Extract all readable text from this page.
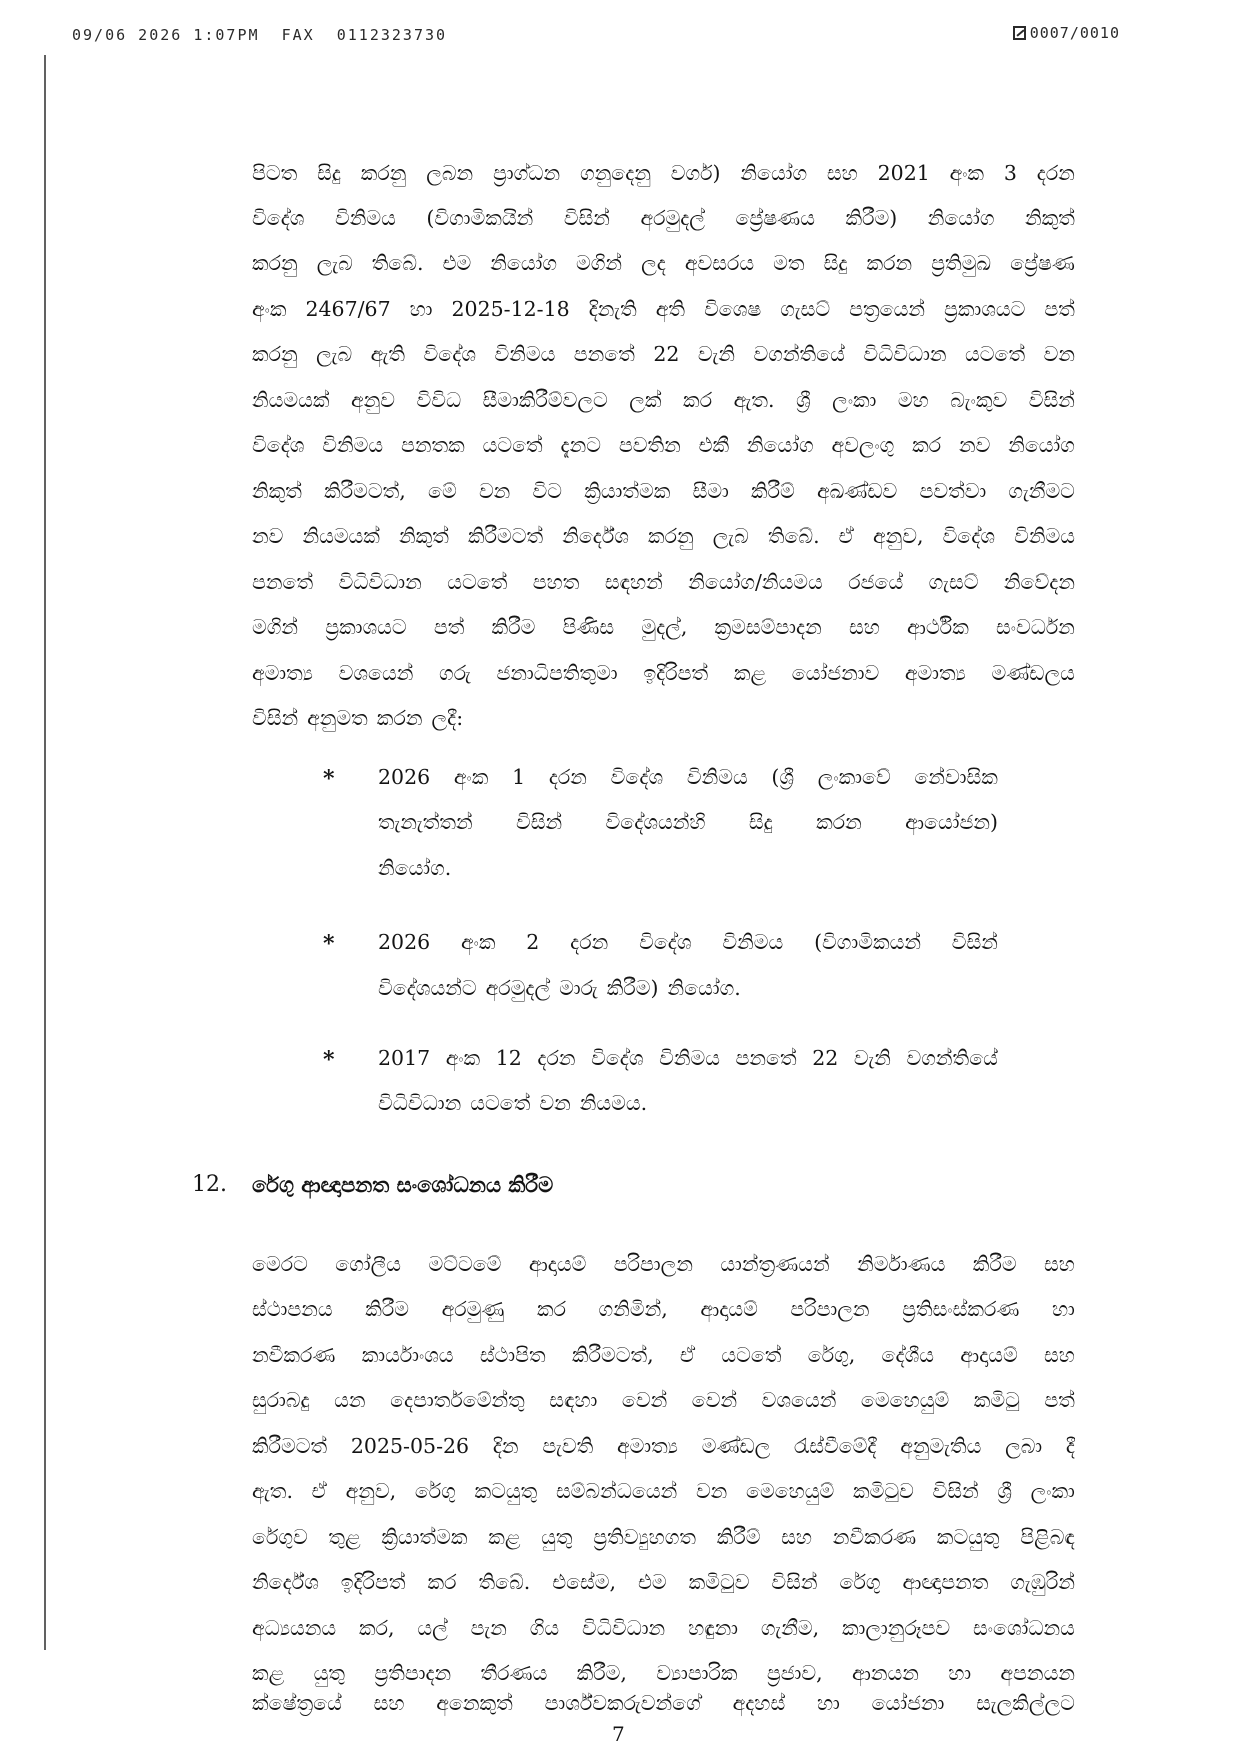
09/06 2026 1:07PM  FAX  0112323730	0007/0010
පිටත සිදු කරනු ලබන ප්‍රාග්ධන ගනුදෙනු වර්ග) නියෝග සහ 2021 අංක 3 දරන
විදේශ විනිමය (විගාමිකයින් විසින් අරමුදල් ප්‍රේෂණය කිරීම) නියෝග නිකුත්
කරනු ලැබ තිබේ. එම නියෝග මගින් ලද අවසරය මත සිදු කරන ප්‍රතිමුඛ ප්‍රේෂණ
අංක 2467/67 හා 2025-12-18 දිනැති අති විශෙෂ ගැසට් පත්‍රයෙන් ප්‍රකාශයට පත්
කරනු ලැබ ඇති විදේශ විනිමය පනතේ 22 වැනි වගන්තියේ විධිවිධාන යටතේ වන
නියමයක් අනුව විවිධ සීමාකිරීම්වලට ලක් කර ඇත. ශ්‍රී ලංකා මහ බැංකුව විසින්
විදේශ විනිමය පනතක යටතේ දැනට පවතින එකී නියෝග අවලංගු කර නව නියෝග
නිකුත් කිරීමටත්, මේ වන විට ක්‍රියාත්මක සීමා කිරීම් අඛණ්ඩව පවත්වා ගැනීමට
නව නියමයක් නිකුත් කිරීමටත් නිර්දේශ කරනු ලැබ තිබේ. ඒ අනුව, විදේශ විනිමය
පනතේ විධිවිධාන යටතේ පහත සඳහන් නියෝග/නියමය රජයේ ගැසට් නිවේදන
මගින් ප්‍රකාශයට පත් කිරීම පිණිස මුදල්, ක්‍රමසම්පාදන සහ ආර්ථික සංවර්ධන
අමාත්‍ය වශයෙන් ගරු ජනාධිපතිතුමා ඉදිරිපත් කළ යෝජනාව අමාත්‍ය මණ්ඩලය
විසින් අනුමත කරන ලදී:
*	2026 අංක 1 දරන විදේශ විනිමය (ශ්‍රී ලංකාවේ නේවාසික
තැනැත්තන් විසින් විදේශයන්හි සිදු කරන ආයෝජන)
නියෝග.
*	2026 අංක 2 දරන විදේශ විනිමය (විගාමිකයන් විසින්
විදේශයන්ට අරමුදල් මාරු කිරීම) නියෝග.
*	2017 අංක 12 දරන විදේශ විනිමය පනතේ 22 වැනි වගන්තියේ
විධිවිධාන යටතේ වන නියමය.
12. රේගු ආඥාපනත සංශෝධනය කිරීම
මෙරට ගෝලීය මට්ටමේ ආදායම් පරිපාලන යාන්ත්‍රණයන් නිර්මාණය කිරීම සහ
ස්ථාපනය කිරීම අරමුණු කර ගනිමින්, ආදායම් පරිපාලන ප්‍රතිසංස්කරණ හා
නවීකරණ කාර්යාංශය ස්ථාපිත කිරීමටත්, ඒ යටතේ රේගු, දේශීය ආදායම් සහ
සුරාබදු යන දෙපාර්තමේන්තු සඳහා වෙන් වෙන් වශයෙන් මෙහෙයුම් කමිටු පත්
කිරීමටත් 2025-05-26 දින පැවති අමාත්‍ය මණ්ඩල රැස්වීමේදී අනුමැතිය ලබා දී
ඇත. ඒ අනුව, රේගු කටයුතු සම්බන්ධයෙන් වන මෙහෙයුම් කමිටුව විසින් ශ්‍රී ලංකා
රේගුව තුළ ක්‍රියාත්මක කළ යුතු ප්‍රතිව්‍යුහගත කිරීම් සහ නවීකරණ කටයුතු පිළිබඳ
නිර්දේශ ඉදිරිපත් කර තිබේ. එසේම, එම කමිටුව විසින් රේගු ආඥාපනත ගැඹුරින්
අධ්‍යයනය කර, යල් පැන ගිය විධිවිධාන හඳුනා ගැනීම, කාලානුරූපව සංශෝධනය
කළ යුතු ප්‍රතිපාදන තීරණය කිරීම, ව්‍යාපාරික ප්‍රජාව, ආනයන හා අපනයන
ක්ෂේත්‍රයේ සහ අනෙකුත් පාර්ශ්වකරුවන්ගේ අදහස් හා යෝජනා සැලකිල්ලට
7
